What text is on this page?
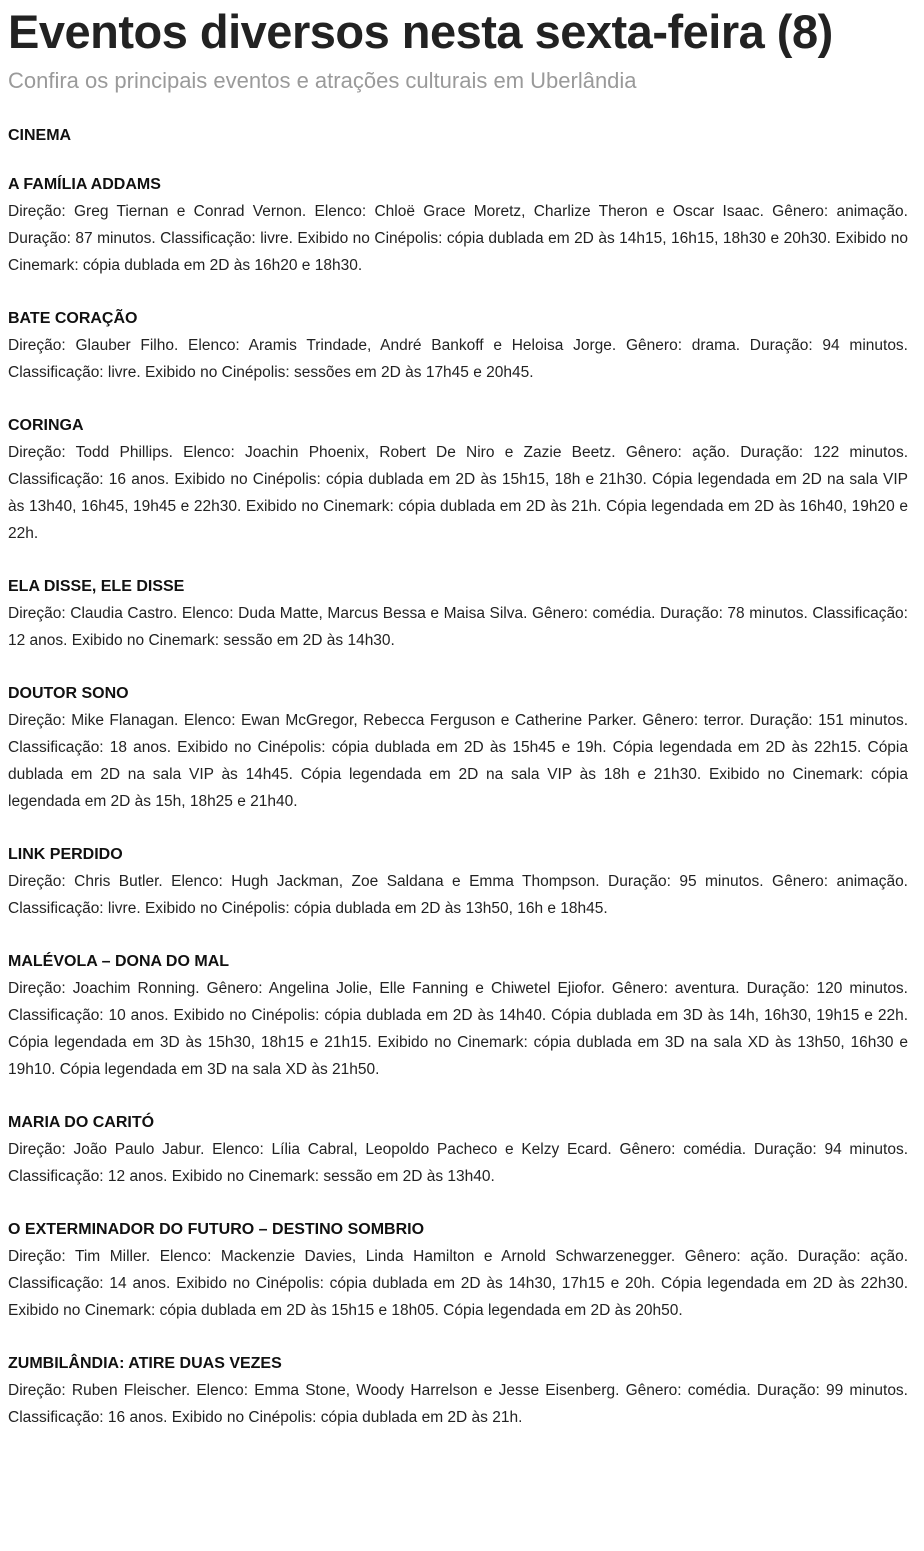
Eventos diversos nesta sexta-feira (8)

Confira os principais eventos e atrações culturais em Uberlândia

CINEMA

A FAMÍLIA ADDAMS

Direção: Greg Tiernan e Conrad Vernon. Elenco: Chloë Grace Moretz, Charlize Theron e Oscar Isaac. Gênero: animação. Duração: 87 minutos. Classificação: livre. Exibido no Cinépolis: cópia dublada em 2D às 14h15, 16h15, 18h30 e 20h30. Exibido no Cinemark: cópia dublada em 2D às 16h20 e 18h30.

BATE CORAÇÃO

Direção: Glauber Filho. Elenco: Aramis Trindade, André Bankoff e Heloisa Jorge. Gênero: drama. Duração: 94 minutos. Classificação: livre. Exibido no Cinépolis: sessões em 2D às 17h45 e 20h45.

CORINGA

Direção: Todd Phillips. Elenco: Joachin Phoenix, Robert De Niro e Zazie Beetz. Gênero: ação. Duração: 122 minutos. Classificação: 16 anos. Exibido no Cinépolis: cópia dublada em 2D às 15h15, 18h e 21h30. Cópia legendada em 2D na sala VIP às 13h40, 16h45, 19h45 e 22h30. Exibido no Cinemark: cópia dublada em 2D às 21h. Cópia legendada em 2D às 16h40, 19h20 e 22h.

ELA DISSE, ELE DISSE

Direção: Claudia Castro. Elenco: Duda Matte, Marcus Bessa e Maisa Silva. Gênero: comédia. Duração: 78 minutos. Classificação: 12 anos. Exibido no Cinemark: sessão em 2D às 14h30.

DOUTOR SONO

Direção: Mike Flanagan. Elenco: Ewan McGregor, Rebecca Ferguson e Catherine Parker. Gênero: terror. Duração: 151 minutos. Classificação: 18 anos. Exibido no Cinépolis: cópia dublada em 2D às 15h45 e 19h. Cópia legendada em 2D às 22h15. Cópia dublada em 2D na sala VIP às 14h45. Cópia legendada em 2D na sala VIP às 18h e 21h30. Exibido no Cinemark: cópia legendada em 2D às 15h, 18h25 e 21h40.

LINK PERDIDO

Direção: Chris Butler. Elenco: Hugh Jackman, Zoe Saldana e Emma Thompson. Duração: 95 minutos. Gênero: animação. Classificação: livre. Exibido no Cinépolis: cópia dublada em 2D às 13h50, 16h e 18h45.

MALÉVOLA – DONA DO MAL

Direção: Joachim Ronning. Gênero: Angelina Jolie, Elle Fanning e Chiwetel Ejiofor. Gênero: aventura. Duração: 120 minutos. Classificação: 10 anos. Exibido no Cinépolis: cópia dublada em 2D às 14h40. Cópia dublada em 3D às 14h, 16h30, 19h15 e 22h. Cópia legendada em 3D às 15h30, 18h15 e 21h15. Exibido no Cinemark: cópia dublada em 3D na sala XD às 13h50, 16h30 e 19h10. Cópia legendada em 3D na sala XD às 21h50.

MARIA DO CARITÓ

Direção: João Paulo Jabur. Elenco: Lília Cabral, Leopoldo Pacheco e Kelzy Ecard. Gênero: comédia. Duração: 94 minutos. Classificação: 12 anos. Exibido no Cinemark: sessão em 2D às 13h40.

O EXTERMINADOR DO FUTURO – DESTINO SOMBRIO

Direção: Tim Miller. Elenco: Mackenzie Davies, Linda Hamilton e Arnold Schwarzenegger. Gênero: ação. Duração: ação. Classificação: 14 anos. Exibido no Cinépolis: cópia dublada em 2D às 14h30, 17h15 e 20h. Cópia legendada em 2D às 22h30. Exibido no Cinemark: cópia dublada em 2D às 15h15 e 18h05. Cópia legendada em 2D às 20h50.

ZUMBILÂNDIA: ATIRE DUAS VEZES

Direção: Ruben Fleischer. Elenco: Emma Stone, Woody Harrelson e Jesse Eisenberg. Gênero: comédia. Duração: 99 minutos. Classificação: 16 anos. Exibido no Cinépolis: cópia dublada em 2D às 21h.
